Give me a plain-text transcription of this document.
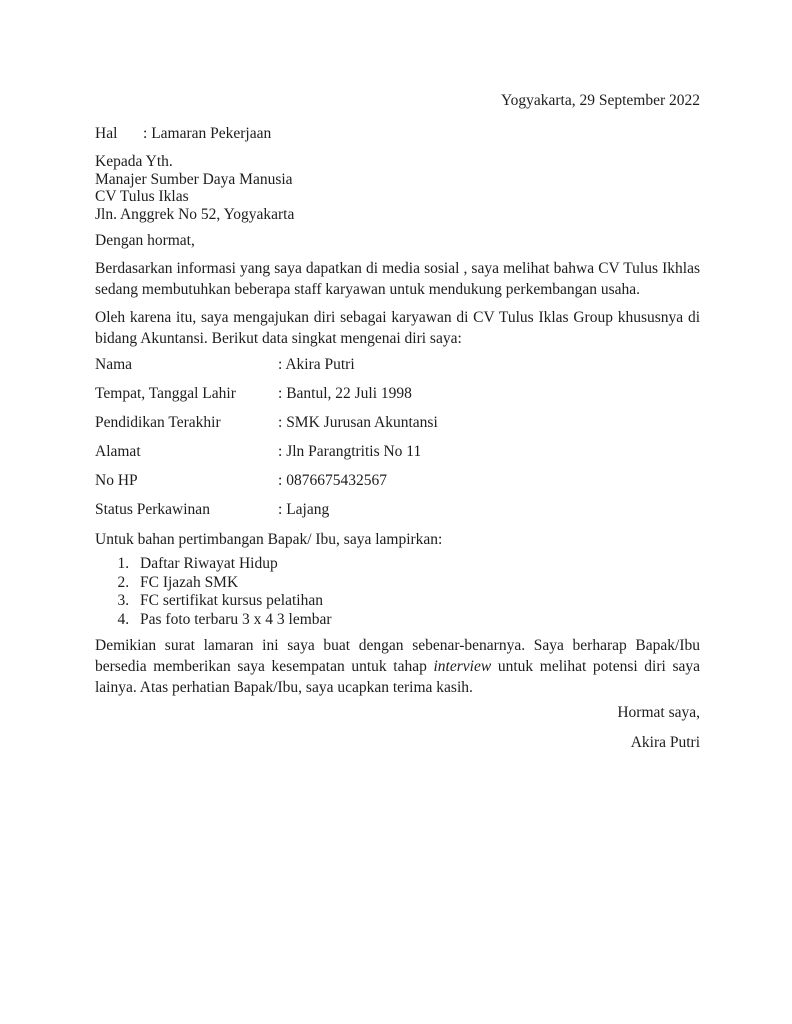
Yogyakarta, 29 September 2022
Hal : Lamaran Pekerjaan
Kepada Yth.
Manajer Sumber Daya Manusia
CV Tulus Iklas
Jln. Anggrek No 52, Yogyakarta
Dengan hormat,

Berdasarkan informasi yang saya dapatkan di media sosial , saya melihat bahwa CV Tulus Ikhlas sedang membutuhkan beberapa staff karyawan untuk mendukung perkembangan usaha.

Oleh karena itu, saya mengajukan diri sebagai karyawan di CV Tulus Iklas Group khususnya di bidang Akuntansi. Berikut data singkat mengenai diri saya:

Nama	: Akira Putri
Tempat, Tanggal Lahir	: Bantul, 22 Juli 1998
Pendidikan Terakhir	: SMK Jurusan Akuntansi
Alamat	: Jln Parangtritis No 11
No HP	: 0876675432567
Status Perkawinan	: Lajang

Untuk bahan pertimbangan Bapak/ Ibu, saya lampirkan:

1. Daftar Riwayat Hidup
2. FC Ijazah SMK
3. FC sertifikat kursus pelatihan
4. Pas foto terbaru 3 x 4 3 lembar

Demikian surat lamaran ini saya buat dengan sebenar-benarnya. Saya berharap Bapak/Ibu bersedia memberikan saya kesempatan untuk tahap interview untuk melihat potensi diri saya lainya. Atas perhatian Bapak/Ibu, saya ucapkan terima kasih.

Hormat saya,
Akira Putri
